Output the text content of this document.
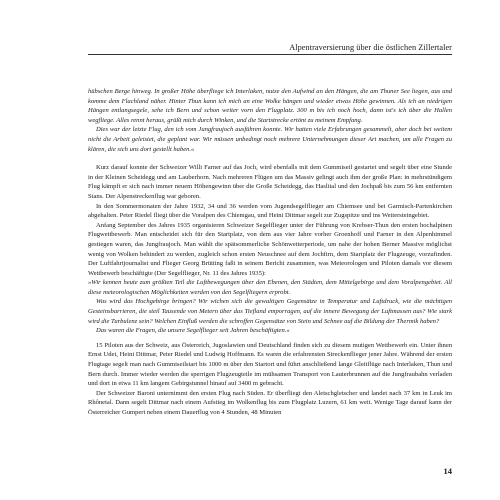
Alpentraversierung über die östlichen Zillertaler

hübschen Berge hinweg. In großer Höhe überfliege ich Interlaken, nutze den Aufwind an den Hängen, die am Thuner See liegen, aus und komme dem Flachland näher. Hinter Thun kann ich mich an eine Wolke hängen und wieder etwas Höhe gewinnen. Als ich an niedrigen Hängen entlangsegele, sehe ich Bern und schon weiter vorn den Flugplatz. 300 m bis ich noch hoch, dann ist's ich über die Hallen wegfliege. Alles rennt heraus, grüßt mich durch Winken, und die Startstrecke ertönt zu meinem Empfang.

Dies war der letzte Flug, den ich vom Jungfraujoch ausführen konnte. Wir hatten viele Erfahrungen gesammelt, aber doch bei weitem nicht die Arbeit geleistet, die geplant war. Wir müssen unbedingt noch mehrere Unternehmungen dieser Art machen, um alle Fragen zu klären, die sich uns dort gestellt haben.«

Kurz darauf konnte der Schweizer Willi Farner auf das Joch, wird ebenfalls mit dem Gummiseil gestartet und segelt über eine Stunde in der Kleinen Scheidegg und am Lauberhorn. Nach mehreren Flügen um das Massiv gelingt auch ihm der große Plan: in mehrstündigem Flug kämpft er sich nach immer neuem Höhengewinn über die Große Scheidegg, das Haslital und den Jochpaß bis zum 56 km entfernten Stans. Der Alpenstreckenflug war geboren.

In den Sommermonaten der Jahre 1932, 34 und 36 werden vom Jugendsegelflieger am Chiemsee und bei Garmisch-Partenkirchen abgehalten. Peter Riedel fliegt über die Voralpen des Chiemgau, und Heini Dittmar segelt zur Zugspitze und ins Wettersteingebiet.

Anfang September des Jahres 1935 organisieren Schweizer Segelflieger unter der Führung von Krebser-Thun den ersten hochalpinen Flugwettbewerb. Man entscheidet sich für den Startplatz, von dem aus vier Jahre vorher Groenhoff und Farner in den Alpenhimmel gestiegen waren, das Jungfraujoch. Man wählt die spätsommerliche Schönwetterperiode, um nahe der hohen Berner Massive möglichst wenig von Wolken behindert zu werden, zugleich schon ersten Neuschnee auf dem Jochfirn, dem Startplatz der Flugzeuge, vorzufinden. Der Luftfahrtjournalist und Flieger Georg Brütting faßt in seinem Bericht zusammen, was Meteorologen und Piloten damals vor diesem Wettbewerb beschäftigte (Der Segelflieger, Nr. 11 des Jahres 1935):

»Wir kennen heute zum größten Teil die Luftbewegungen über den Ebenen, den Städten, dem Mittelgebirge und dem Voralpengebiet. All diese meteorologischen Möglichkeiten werden von den Segelfliegern erprobt.

Was wird das Hochgebirge bringen? Wir wichen sich die gewaltigen Gegensätze in Temperatur und Luftdruck, wie die mächtigen Gesteinsbarrieren, die steil Tausende von Metern über das Tiefland emporragen, auf die innere Bewegung der Luftmassen aus? Wie stark wird die Turbulenz sein? Welchen Einfluß werden die schroffen Gegensätze von Stein und Schnee auf die Bildung der Thermik haben?

Das waren die Fragen, die unsere Segelflieger seit Jahren beschäftigten.«

15 Piloten aus der Schweiz, aus Österreich, Jugoslawien und Deutschland finden sich zu diesem mutigen Wettbewerb ein. Unter ihnen Ernst Udet, Heini Dittmar, Peter Riedel und Ludwig Hoffmann. Es waren die erfahrensten Streckenflieger jener Jahre. Während der ersten Flugtage segelt man nach Gummiseilstart bis 1000 m über den Startort und führt anschließend lange Gleitflüge nach Interlaken, Thun und Bern durch. Immer wieder werden die sperrigen Flugzeugteile im mühsamen Transport von Lauterbrunnen auf die Jungfraubahn verladen und dort in etwa 11 km langem Gebirgstunnel hinauf auf 3400 m gebracht.

Der Schweizer Baroni unternimmt den ersten Flug nach Süden. Er überfliegt den Aletschgletscher und landet nach 37 km in Leuk im Rhônetal. Dann segelt Dittmar nach einem Aufstieg im Wolkenflug bis zum Flugplatz Luzern, 61 km weit. Wenige Tage darauf kann der Österreicher Gumpert neben einem Dauerflug von 4 Stunden, 48 Minuten

14
